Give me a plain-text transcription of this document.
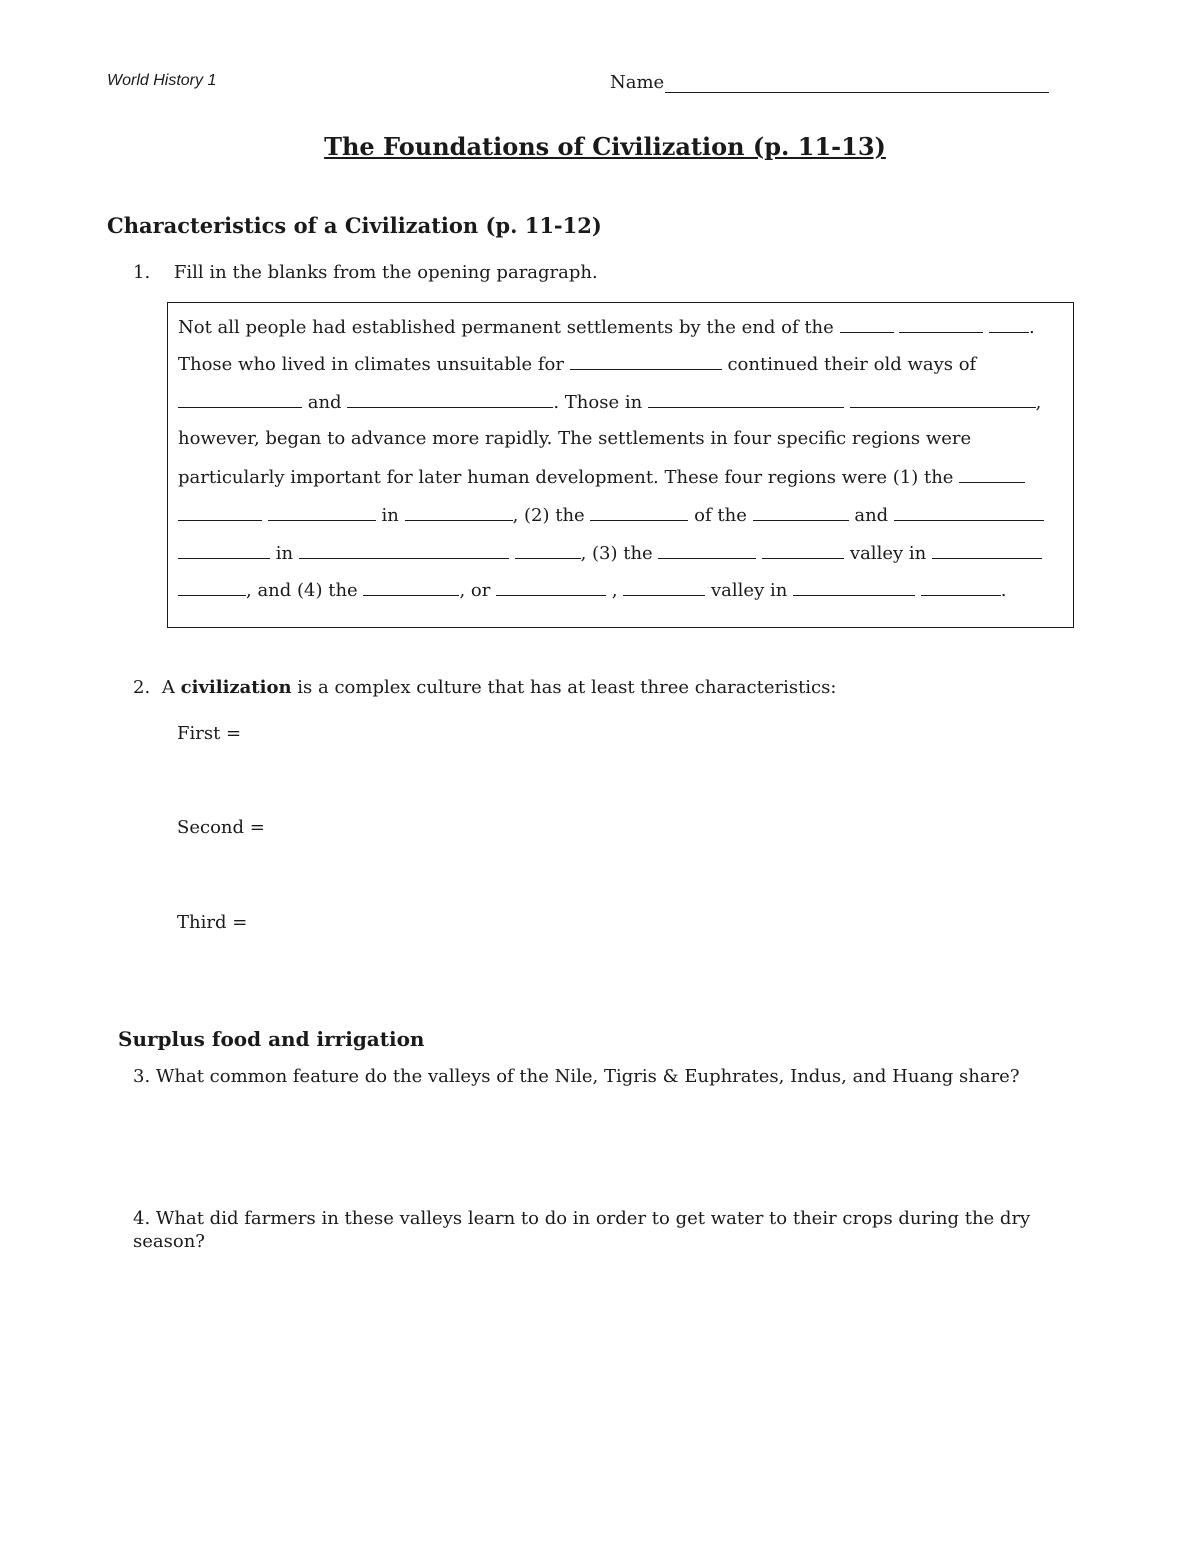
World History 1	Name
The Foundations of Civilization (p. 11-13)
Characteristics of a Civilization (p. 11-12)
1. Fill in the blanks from the opening paragraph.
Not all people had established permanent settlements by the end of the	.
Those who lived in climates unsuitable for	continued their old ways of
and	. Those in	,
however, began to advance more rapidly. The settlements in four specific regions were
particularly important for later human development. These four regions were (1) the
in	, (2) the	of the	and
in	, (3) the	valley in
, and (4) the	, or	,	valley in	.
2. A civilization is a complex culture that has at least three characteristics:
First =
Second =
Third =
Surplus food and irrigation
3. What common feature do the valleys of the Nile, Tigris & Euphrates, Indus, and Huang share?
4. What did farmers in these valleys learn to do in order to get water to their crops during the dry
season?
